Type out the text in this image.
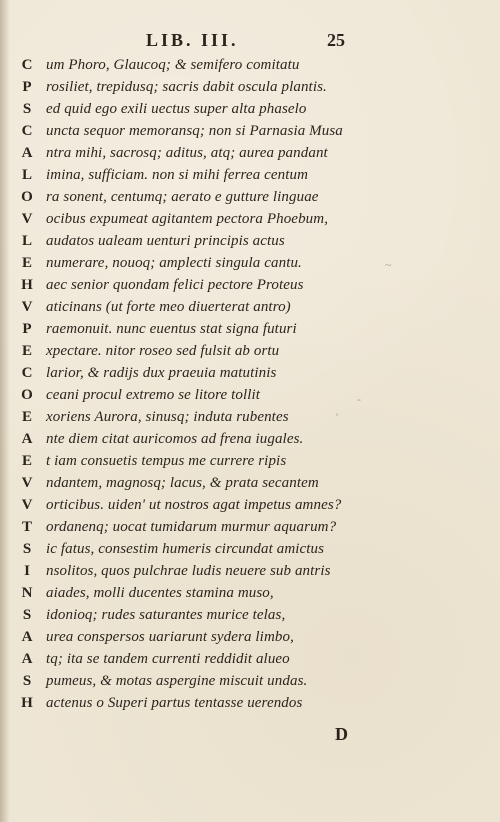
LIB. III.	25
C um Phoro, Glaucoq; & semifero comitatu
P rosiliet, trepidusq; sacris dabit oscula plantis.
S ed quid ego exili uectus super alta phaselo
C uncta sequor memoransq; non si Parnasia Musa
A ntra mihi, sacrosq; aditus, atq; aurea pandant
L imina, sufficiam. non si mihi ferrea centum
O ra sonent, centumq; aerato e gutture linguae
V ocibus expumeat agitantem pectora Phoebum,
L audatos ualeam uenturi principis actus
E numerare, nouoq; amplecti singula cantu.
H aec senior quondam felici pectore Proteus
V aticinans (ut forte meo diuerterat antro)
P raemonuit. nunc euentus stat signa futuri
E xpectare. nitor roseo sed fulsit ab ortu
C larior, & radijs dux praeuia matutinis
O ceani procul extremo se litore tollit
E xoriens Aurora, sinusq; induta rubentes
A nte diem citat auricomos ad frena iugales.
E t iam consuetis tempus me currere ripis
V ndantem, magnosq; lacus, & prata secantem
V orticibus. uiden' ut nostros agat impetus amnes?
T ordanenq; uocat tumidarum murmur aquarum?
S ic fatus, consestim humeris circundat amictus
I	nsolitos, quos pulchrae ludis neuere sub antris
N aiades, molli ducentes stamina muso,
S idonioq; rudes saturantes murice telas,
A urea conspersos uariarunt sydera limbo,
A tq; ita se tandem currenti reddidit alueo
S pumeus, & motas aspergine miscuit undas.
H actenus o Superi partus tentasse uerendos
~
-
'
D
